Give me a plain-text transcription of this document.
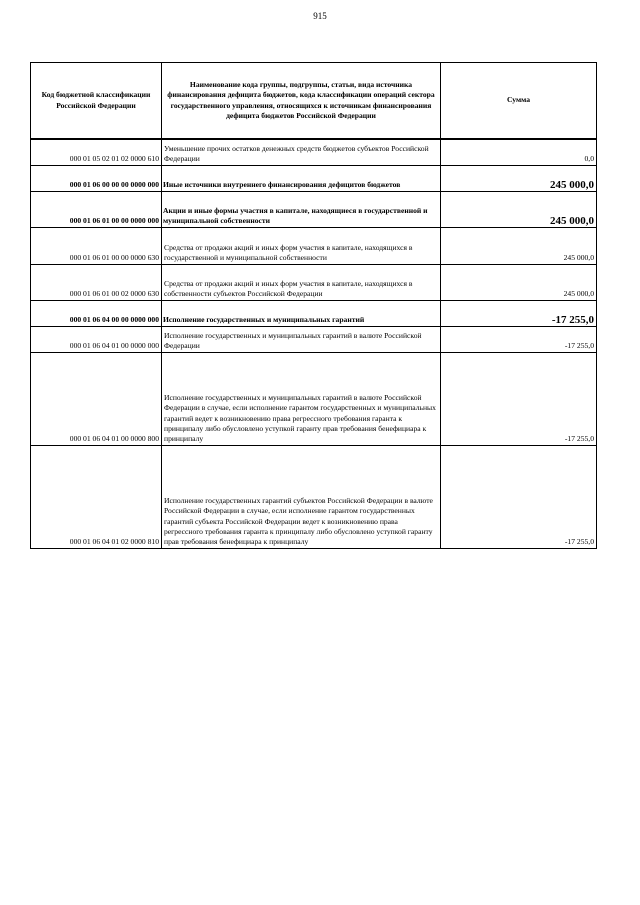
915
Код бюджетной классификации Российской Федерации	Наименование кода группы, подгруппы, статьи, вида источника финансирования дефицита бюджетов, кода классификации операций сектора государственного управления, относящихся к источникам финансирования дефицита бюджетов Российской Федерации	Сумма
000 01 05 02 01 02 0000 610	Уменьшение прочих остатков денежных средств бюджетов субъектов Российской Федерации	0,0
000 01 06 00 00 00 0000 000	Иные источники внутреннего финансирования дефицитов бюджетов	245 000,0
000 01 06 01 00 00 0000 000	Акции и иные формы участия в капитале, находящиеся в государственной и муниципальной собственности	245 000,0
000 01 06 01 00 00 0000 630	Средства от продажи акций и иных форм участия в капитале, находящихся в государственной и муниципальной собственности	245 000,0
000 01 06 01 00 02 0000 630	Средства от продажи акций и иных форм участия в капитале, находящихся в собственности субъектов Российской Федерации	245 000,0
000 01 06 04 00 00 0000 000	Исполнение государственных и муниципальных гарантий	-17 255,0
000 01 06 04 01 00 0000 000	Исполнение государственных и муниципальных гарантий в валюте Российской Федерации	-17 255,0
000 01 06 04 01 00 0000 800	Исполнение государственных и муниципальных гарантий в валюте Российской Федерации в случае, если исполнение гарантом государственных и муниципальных гарантий ведет к возникновению права регрессного требования гаранта к принципалу либо обусловлено уступкой гаранту прав требования бенефициара к принципалу	-17 255,0
000 01 06 04 01 02 0000 810	Исполнение государственных гарантий субъектов Российской Федерации в валюте Российской Федерации в случае, если исполнение гарантом государственных гарантий субъекта Российской Федерации ведет к возникновению права регрессного требования гаранта к принципалу либо обусловлено уступкой гаранту прав требования бенефициара к принципалу	-17 255,0
